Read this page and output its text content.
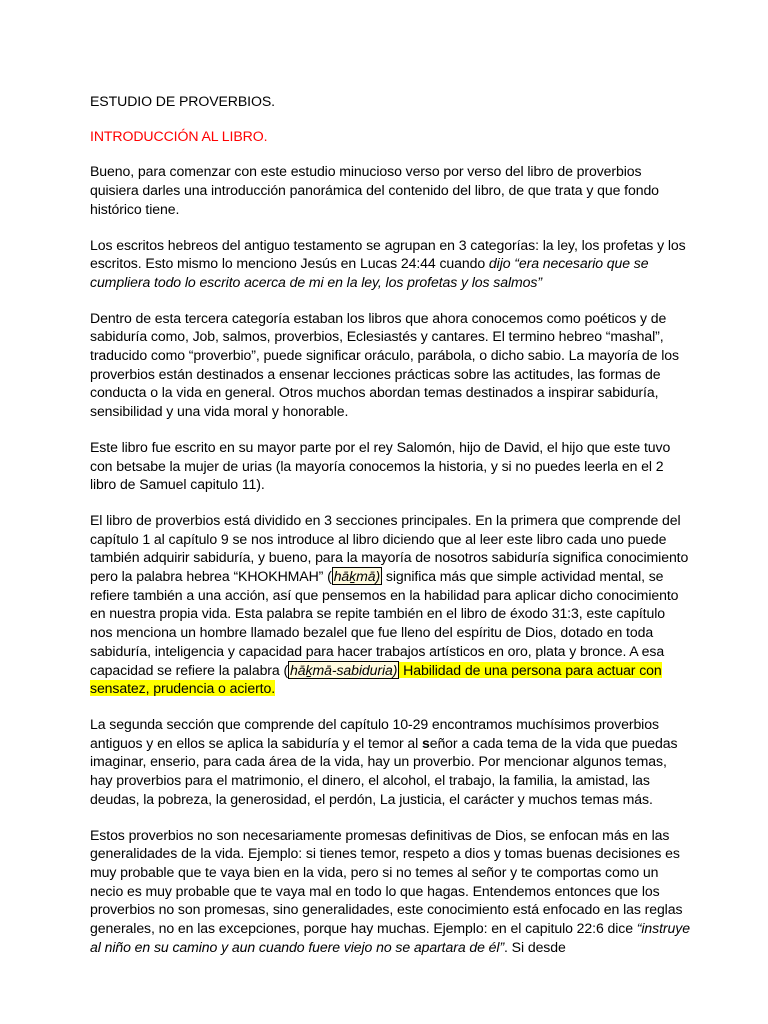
ESTUDIO DE PROVERBIOS.

INTRODUCCIÓN AL LIBRO.

Bueno, para comenzar con este estudio minucioso verso por verso del libro de proverbios quisiera darles una introducción panorámica del contenido del libro, de que trata y que fondo histórico tiene.

Los escritos hebreos del antiguo testamento se agrupan en 3 categorías: la ley, los profetas y los escritos. Esto mismo lo menciono Jesús en Lucas 24:44 cuando dijo “era necesario que se cumpliera todo lo escrito acerca de mi en la ley, los profetas y los salmos”

Dentro de esta tercera categoría estaban los libros que ahora conocemos como poéticos y de sabiduría como, Job, salmos, proverbios, Eclesiastés y cantares. El termino hebreo “mashal”, traducido como “proverbio”, puede significar oráculo, parábola, o dicho sabio. La mayoría de los proverbios están destinados a ensenar lecciones prácticas sobre las actitudes, las formas de conducta o la vida en general. Otros muchos abordan temas destinados a inspirar sabiduría, sensibilidad y una vida moral y honorable.

Este libro fue escrito en su mayor parte por el rey Salomón, hijo de David, el hijo que este tuvo con betsabe la mujer de urias (la mayoría conocemos la historia, y si no puedes leerla en el 2 libro de Samuel capitulo 11).

El libro de proverbios está dividido en 3 secciones principales. En la primera que comprende del capítulo 1 al capítulo 9 se nos introduce al libro diciendo que al leer este libro cada uno puede también adquirir sabiduría, y bueno, para la mayoría de nosotros sabiduría significa conocimiento pero la palabra hebrea “KHOKHMAH” ( hāḵmā) significa más que simple actividad mental, se refiere también a una acción, así que pensemos en la habilidad para aplicar dicho conocimiento en nuestra propia vida. Esta palabra se repite también en el libro de éxodo 31:3, este capítulo nos menciona un hombre llamado bezalel que fue lleno del espíritu de Dios, dotado en toda sabiduría, inteligencia y capacidad para hacer trabajos artísticos en oro, plata y bronce. A esa capacidad se refiere la palabra ( hāḵmā-sabiduria) Habilidad de una persona para actuar con sensatez, prudencia o acierto.

La segunda sección que comprende del capítulo 10-29 encontramos muchísimos proverbios antiguos y en ellos se aplica la sabiduría y el temor al señor a cada tema de la vida que puedas imaginar, enserio, para cada área de la vida, hay un proverbio. Por mencionar algunos temas, hay proverbios para el matrimonio, el dinero, el alcohol, el trabajo, la familia, la amistad, las deudas, la pobreza, la generosidad, el perdón, La justicia, el carácter y muchos temas más.

Estos proverbios no son necesariamente promesas definitivas de Dios, se enfocan más en las generalidades de la vida. Ejemplo: si tienes temor, respeto a dios y tomas buenas decisiones es muy probable que te vaya bien en la vida, pero si no temes al señor y te comportas como un necio es muy probable que te vaya mal en todo lo que hagas. Entendemos entonces que los proverbios no son promesas, sino generalidades, este conocimiento está enfocado en las reglas generales, no en las excepciones, porque hay muchas. Ejemplo: en el capitulo 22:6 dice “instruye al niño en su camino y aun cuando fuere viejo no se apartara de él”. Si desde
